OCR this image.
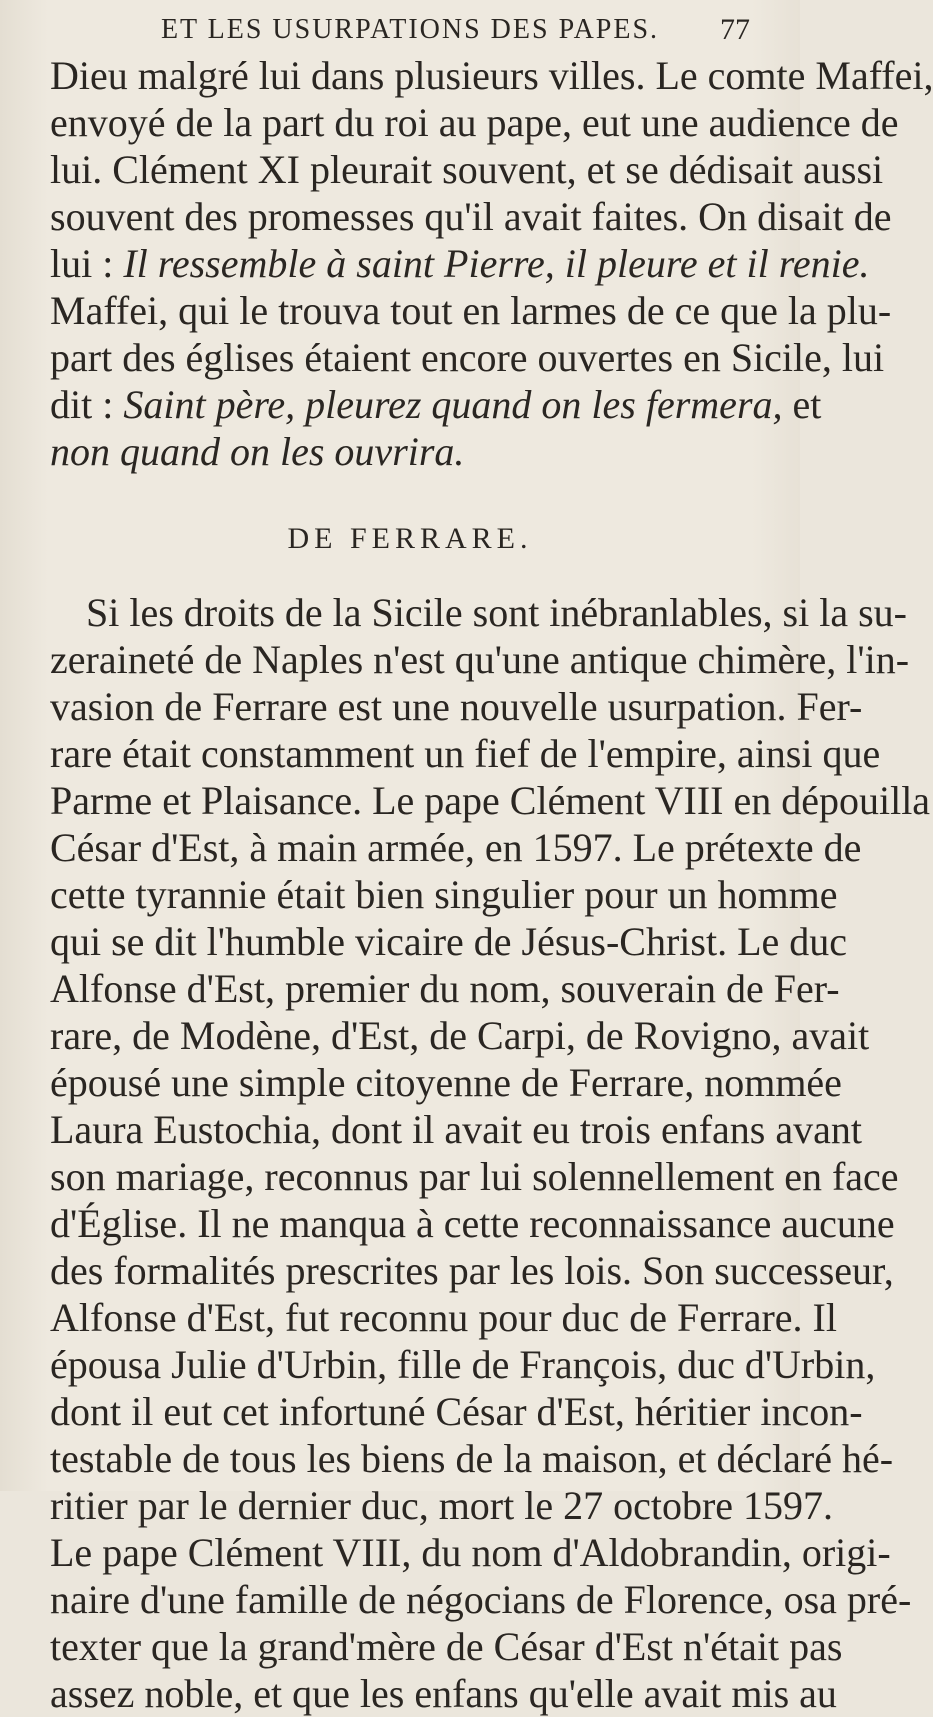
ET LES USURPATIONS DES PAPES. 77
Dieu malgré lui dans plusieurs villes. Le comte Maffei,
envoyé de la part du roi au pape, eut une audience de
lui. Clément XI pleurait souvent, et se dédisait aussi
souvent des promesses qu'il avait faites. On disait de
lui : Il ressemble à saint Pierre, il pleure et il renie.
Maffei, qui le trouva tout en larmes de ce que la plu-
part des églises étaient encore ouvertes en Sicile, lui
dit : Saint père, pleurez quand on les fermera, et
non quand on les ouvrira.
DE FERRARE.
Si les droits de la Sicile sont inébranlables, si la su-
zeraineté de Naples n'est qu'une antique chimère, l'in-
vasion de Ferrare est une nouvelle usurpation. Fer-
rare était constamment un fief de l'empire, ainsi que
Parme et Plaisance. Le pape Clément VIII en dépouilla
César d'Est, à main armée, en 1597. Le prétexte de
cette tyrannie était bien singulier pour un homme
qui se dit l'humble vicaire de Jésus-Christ. Le duc
Alfonse d'Est, premier du nom, souverain de Fer-
rare, de Modène, d'Est, de Carpi, de Rovigno, avait
épousé une simple citoyenne de Ferrare, nommée
Laura Eustochia, dont il avait eu trois enfans avant
son mariage, reconnus par lui solennellement en face
d'Église. Il ne manqua à cette reconnaissance aucune
des formalités prescrites par les lois. Son successeur,
Alfonse d'Est, fut reconnu pour duc de Ferrare. Il
épousa Julie d'Urbin, fille de François, duc d'Urbin,
dont il eut cet infortuné César d'Est, héritier incon-
testable de tous les biens de la maison, et déclaré hé-
ritier par le dernier duc, mort le 27 octobre 1597.
Le pape Clément VIII, du nom d'Aldobrandin, origi-
naire d'une famille de négocians de Florence, osa pré-
texter que la grand'mère de César d'Est n'était pas
assez noble, et que les enfans qu'elle avait mis au
